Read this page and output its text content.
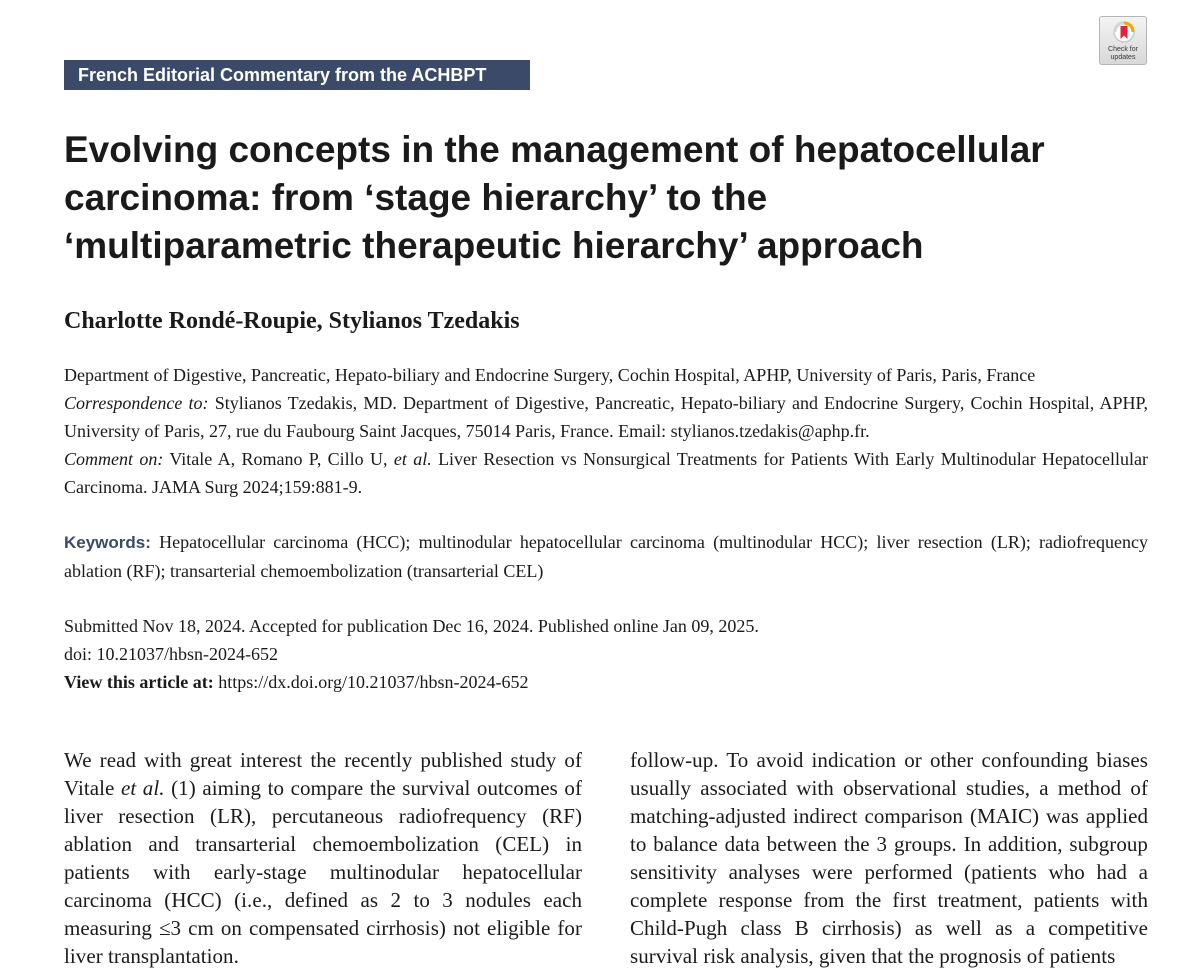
French Editorial Commentary from the ACHBPT
Check for
updates
Evolving concepts in the management of hepatocellular carcinoma: from ‘stage hierarchy’ to the ‘multiparametric therapeutic hierarchy’ approach
Charlotte Rondé-Roupie, Stylianos Tzedakis

Department of Digestive, Pancreatic, Hepato-biliary and Endocrine Surgery, Cochin Hospital, APHP, University of Paris, Paris, France

Correspondence to: Stylianos Tzedakis, MD. Department of Digestive, Pancreatic, Hepato-biliary and Endocrine Surgery, Cochin Hospital, APHP, University of Paris, 27, rue du Faubourg Saint Jacques, 75014 Paris, France. Email: stylianos.tzedakis@aphp.fr.

Comment on: Vitale A, Romano P, Cillo U, et al. Liver Resection vs Nonsurgical Treatments for Patients With Early Multinodular Hepatocellular Carcinoma. JAMA Surg 2024;159:881-9.

Keywords: Hepatocellular carcinoma (HCC); multinodular hepatocellular carcinoma (multinodular HCC); liver resection (LR); radiofrequency ablation (RF); transarterial chemoembolization (transarterial CEL)

Submitted Nov 18, 2024. Accepted for publication Dec 16, 2024. Published online Jan 09, 2025.

doi: 10.21037/hbsn-2024-652

View this article at: https://dx.doi.org/10.21037/hbsn-2024-652

We read with great interest the recently published study of Vitale et al. (1) aiming to compare the survival outcomes of liver resection (LR), percutaneous radiofrequency (RF) ablation and transarterial chemoembolization (CEL) in patients with early-stage multinodular hepatocellular carcinoma (HCC) (i.e., defined as 2 to 3 nodules each measuring ≤3 cm on compensated cirrhosis) not eligible for liver transplantation.

follow-up. To avoid indication or other confounding biases usually associated with observational studies, a method of matching-adjusted indirect comparison (MAIC) was applied to balance data between the 3 groups. In addition, subgroup sensitivity analyses were performed (patients who had a complete response from the first treatment, patients with Child-Pugh class B cirrhosis) as well as a competitive survival risk analysis, given that the prognosis of patients
